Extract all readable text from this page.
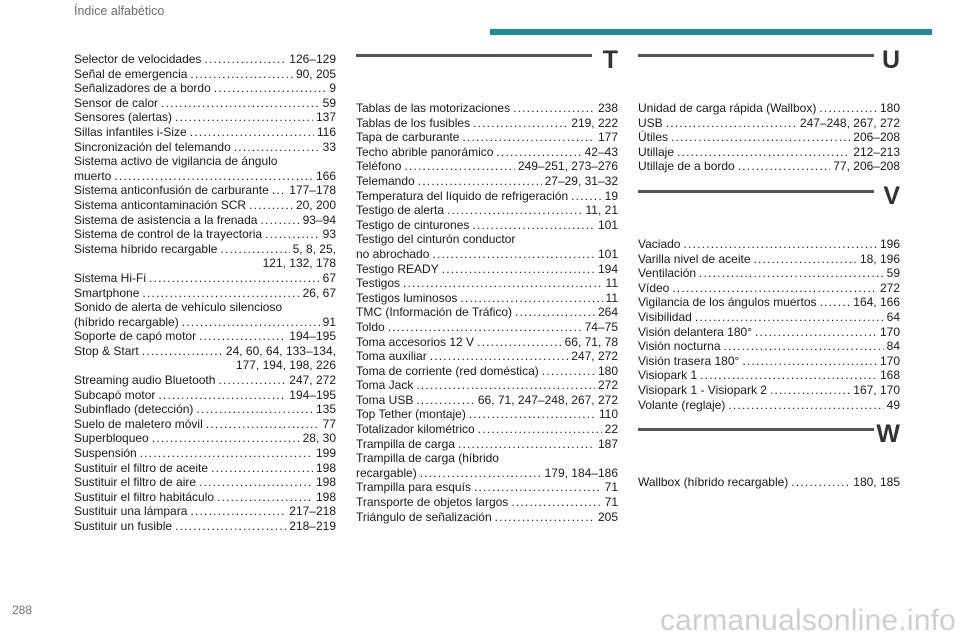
Índice alfabético
Selector de velocidades .....	126–129
Señal de emergencia .....	90, 205
Señalizadores de a bordo .....	9
Sensor de calor .....	59
Sensores (alertas) .....	137
Sillas infantiles i-Size .....	116
Sincronización del telemando .....	33
Sistema activo de vigilancia de ángulo
muerto .....	166
Sistema anticonfusión de carburante ..... 177–178
Sistema anticontaminación SCR .....	20, 200
Sistema de asistencia a la frenada .....	93–94
Sistema de control de la trayectoria .....	93
Sistema híbrido recargable .....	5, 8, 25,
121, 132, 178
Sistema Hi-Fi .....	67
Smartphone .....	26, 67
Sonido de alerta de vehículo silencioso
(híbrido recargable) .....	91
Soporte de capó motor .....	194–195
Stop & Start .....	24, 60, 64, 133–134,
177, 194, 198, 226
Streaming audio Bluetooth .....	247, 272
Subcapó motor .....	194–195
Subinflado (detección) .....	135
Suelo de maletero móvil .....	77
Superbloqueo .....	28, 30
Suspensión .....	199
Sustituir el filtro de aceite .....	198
Sustituir el filtro de aire .....	198
Sustituir el filtro habitáculo .....	198
Sustituir una lámpara .....	217–218
Sustituir un fusible .....	218–219
T
Tablas de las motorizaciones .....	238
Tablas de los fusibles .....	219, 222
Tapa de carburante .....	177
Techo abrible panorámico .....	42–43
Teléfono .....	249–251, 273–276
Telemando .....	27–29, 31–32
Temperatura del líquido de refrigeración .....	19
Testigo de alerta .....	11, 21
Testigo de cinturones .....	101
Testigo del cinturón conductor
no abrochado .....	101
Testigo READY .....	194
Testigos .....	11
Testigos luminosos .....	11
TMC (Información de Tráfico) .....	264
Toldo .....	74–75
Toma accesorios 12 V .....	66, 71, 78
Toma auxiliar .....	247, 272
Toma de corriente (red doméstica) .....	180
Toma Jack .....	272
Toma USB .....	66, 71, 247–248, 267, 272
Top Tether (montaje) .....	110
Totalizador kilométrico .....	22
Trampilla de carga .....	187
Trampilla de carga (híbrido
recargable) .....	179, 184–186
Trampilla para esquís .....	71
Transporte de objetos largos .....	71
Triángulo de señalización .....	205
U
Unidad de carga rápida (Wallbox) .....	180
USB .....	247–248, 267, 272
Útiles .....	206–208
Utillaje .....	212–213
Utillaje de a bordo .....	77, 206–208
V
Vaciado .....	196
Varilla nivel de aceite .....	18, 196
Ventilación .....	59
Vídeo .....	272
Vigilancia de los ángulos muertos .....	164, 166
Visibilidad .....	64
Visión delantera 180° .....	170
Visión nocturna .....	84
Visión trasera 180° .....	170
Visiopark 1 .....	168
Visiopark 1 - Visiopark 2 .....	167, 170
Volante (reglaje) .....	49
W
Wallbox (híbrido recargable) .....	180, 185
288	carmanualsonline.info
